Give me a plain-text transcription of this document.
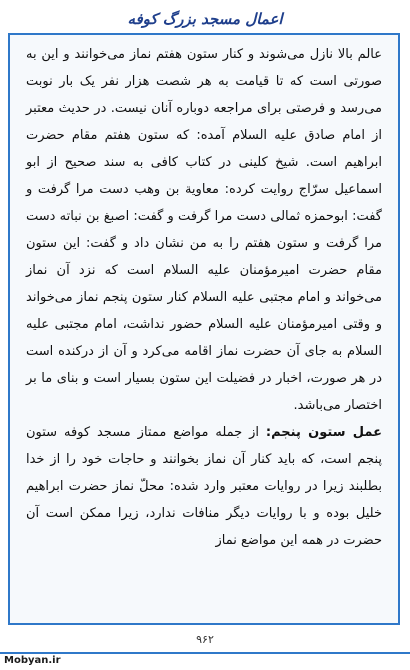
اعمال مسجد بزرگ کوفه

عالم بالا نازل می‌شوند و کنار ستون هفتم نماز می‌خوانند و این به صورتی است که تا قیامت به هر شصت هزار نفر یک بار نوبت می‌رسد و فرصتی برای مراجعه دوباره آنان نیست. در حدیث معتبر از امام صادق علیه السلام آمده: که ستون هفتم مقام حضرت ابراهیم است. شیخ کلینی در کتاب کافی به سند صحیح از ابو اسماعیل سرّاج روایت کرده: معاویة بن وهب دست مرا گرفت و گفت: ابوحمزه ثمالی دست مرا گرفت و گفت: اصبغ بن نباته دست مرا گرفت و ستون هفتم را به من نشان داد و گفت: این ستون مقام حضرت امیرمؤمنان علیه السلام است که نزد آن نماز می‌خواند و امام مجتبی علیه السلام کنار ستون پنجم نماز می‌خواند و وقتی امیرمؤمنان علیه السلام حضور نداشت، امام مجتبی علیه السلام به جای آن حضرت نماز اقامه می‌کرد و آن از درکنده است در هر صورت، اخبار در فضیلت این ستون بسیار است و بنای ما بر اختصار می‌باشد.

عمل ستون پنجم: از جمله مواضع ممتاز مسجد کوفه ستون پنجم است، که باید کنار آن نماز بخوانند و حاجات خود را از خدا بطلبند زیرا در روایات معتبر وارد شده: محلّ نماز حضرت ابراهیم خلیل بوده و با روایات دیگر منافات ندارد، زیرا ممکن است آن حضرت در همه این مواضع نماز

۹۶۲
Mobyan.ir
